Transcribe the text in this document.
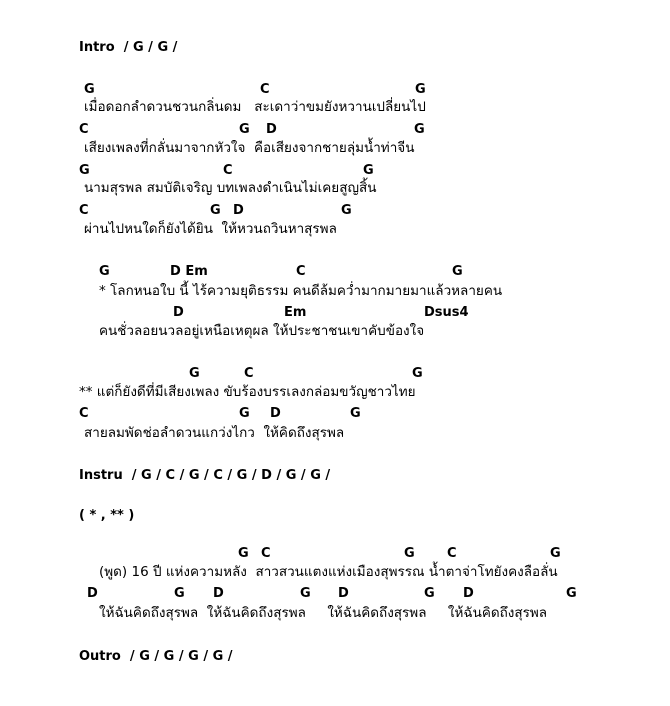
Intro  / G / G /
G	C	G
เมื่อดอกลำดวนชวนกลิ่นดม   สะเดาว่าขมยังหวานเปลี่ยนไป
C	G D	G
เสียงเพลงที่กลั่นมาจากหัวใจ  คือเสียงจากชายลุ่มน้ำท่าจีน
G	C	G
นามสุรพล สมบัติเจริญ บทเพลงดำเนินไม่เคยสูญสิ้น
C	G D	G
ผ่านไปหนใดก็ยังได้ยิน  ให้หวนถวินหาสุรพล
G	D Em	C	G
* โลกหนอใบ นี้ ไร้ความยุติธรรม คนดีล้มคว่ำมากมายมาแล้วหลายคน
D	Em	Dsus4
คนชั่วลอยนวลอยู่เหนือเหตุผล ให้ประชาชนเขาคับข้องใจ
G	C	G
** แต่ก็ยังดีที่มีเสียงเพลง ขับร้องบรรเลงกล่อมขวัญชาวไทย
C	G D	G
สายลมพัดช่อลำดวนแกว่งไกว  ให้คิดถึงสุรพล
Instru  / G / C / G / C / G / D / G / G /
( * , ** )
G C	G C	G
(พูด) 16 ปี แห่งความหลัง  สาวสวนแตงแห่งเมืองสุพรรณ น้ำตาจ่าโทยังคงลือลั่น
D	G D	G D	G D	G
ให้ฉันคิดถึงสุรพล  ให้ฉันคิดถึงสุรพล     ให้ฉันคิดถึงสุรพล     ให้ฉันคิดถึงสุรพล
Outro  / G / G / G / G /
